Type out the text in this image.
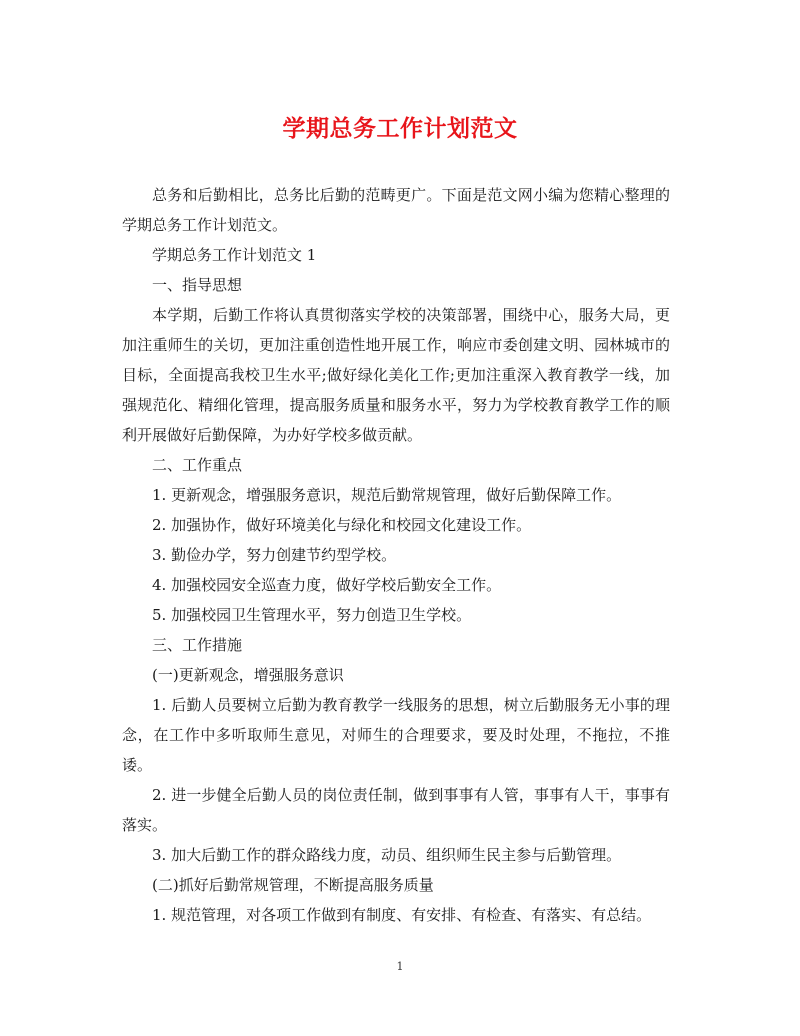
学期总务工作计划范文

总务和后勤相比，总务比后勤的范畴更广。下面是范文网小编为您精心整理的学期总务工作计划范文。

学期总务工作计划范文 1

一、指导思想

本学期，后勤工作将认真贯彻落实学校的决策部署，围绕中心，服务大局，更加注重师生的关切，更加注重创造性地开展工作，响应市委创建文明、园林城市的目标，全面提高我校卫生水平;做好绿化美化工作;更加注重深入教育教学一线，加强规范化、精细化管理，提高服务质量和服务水平，努力为学校教育教学工作的顺利开展做好后勤保障，为办好学校多做贡献。

二、工作重点

1. 更新观念，增强服务意识，规范后勤常规管理，做好后勤保障工作。

2. 加强协作，做好环境美化与绿化和校园文化建设工作。

3. 勤俭办学，努力创建节约型学校。

4. 加强校园安全巡查力度，做好学校后勤安全工作。

5. 加强校园卫生管理水平，努力创造卫生学校。

三、工作措施

(一)更新观念，增强服务意识

1. 后勤人员要树立后勤为教育教学一线服务的思想，树立后勤服务无小事的理念，在工作中多听取师生意见，对师生的合理要求，要及时处理，不拖拉，不推诿。

2. 进一步健全后勤人员的岗位责任制，做到事事有人管，事事有人干，事事有落实。

3. 加大后勤工作的群众路线力度，动员、组织师生民主参与后勤管理。

(二)抓好后勤常规管理，不断提高服务质量

1. 规范管理，对各项工作做到有制度、有安排、有检查、有落实、有总结。

1
